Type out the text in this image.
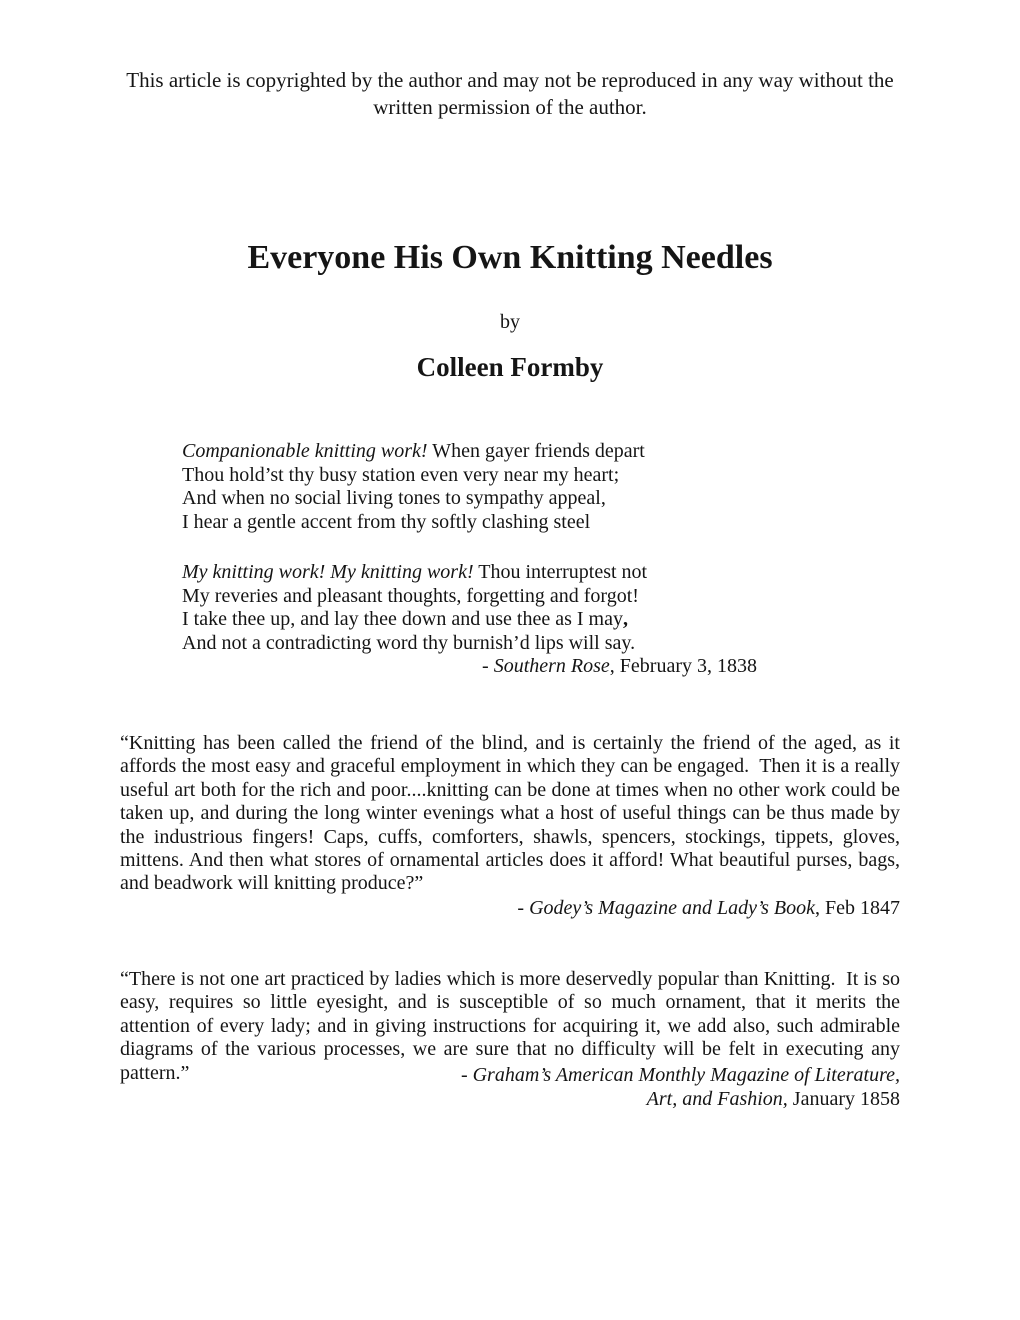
This article is copyrighted by the author and may not be reproduced in any way without the
written permission of the author.
Everyone His Own Knitting Needles
by
Colleen Formby
Companionable knitting work! When gayer friends depart
Thou hold’st thy busy station even very near my heart;
And when no social living tones to sympathy appeal,
I hear a gentle accent from thy softly clashing steel
My knitting work! My knitting work! Thou interruptest not
My reveries and pleasant thoughts, forgetting and forgot!
I take thee up, and lay thee down and use thee as I may,
And not a contradicting word thy burnish’d lips will say.
- Southern Rose, February 3, 1838

“Knitting has been called the friend of the blind, and is certainly the friend of the aged, as it affords the most easy and graceful employment in which they can be engaged.  Then it is a really useful art both for the rich and poor....knitting can be done at times when no other work could be taken up, and during the long winter evenings what a host of useful things can be thus made by the industrious fingers! Caps, cuffs, comforters, shawls, spencers, stockings, tippets, gloves, mittens. And then what stores of ornamental articles does it afford! What beautiful purses, bags, and beadwork will knitting produce?”

- Godey’s Magazine and Lady’s Book, Feb 1847

“There is not one art practiced by ladies which is more deservedly popular than Knitting.  It is so easy, requires so little eyesight, and is susceptible of so much ornament, that it merits the attention of every lady; and in giving instructions for acquiring it, we add also, such admirable diagrams of the various processes, we are sure that no difficulty will be felt in executing any pattern.”	- Graham’s American Monthly Magazine of Literature,
Art, and Fashion, January 1858
